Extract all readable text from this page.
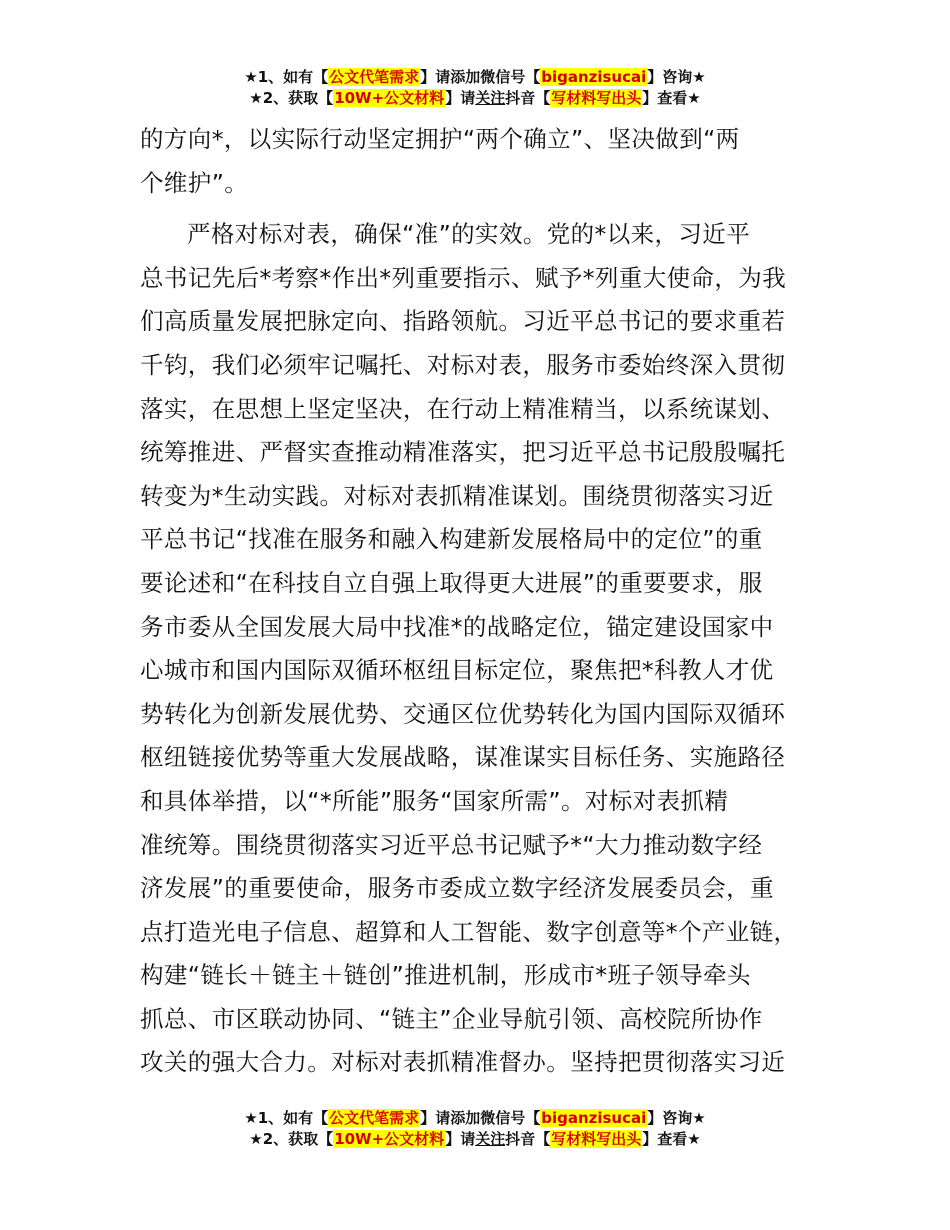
★1、如有【公文代笔需求】请添加微信号【biganzisucai】咨询★
★2、获取【10W+公文材料】请关注抖音【写材料写出头】查看★

的方向*，以实际行动坚定拥护“两个确立”、坚决做到“两
个维护”。

严格对标对表，确保“准”的实效。党的*以来，习近平
总书记先后*考察*作出*列重要指示、赋予*列重大使命，为我
们高质量发展把脉定向、指路领航。习近平总书记的要求重若
千钧，我们必须牢记嘱托、对标对表，服务市委始终深入贯彻
落实，在思想上坚定坚决，在行动上精准精当，以系统谋划、
统筹推进、严督实查推动精准落实，把习近平总书记殷殷嘱托
转变为*生动实践。对标对表抓精准谋划。围绕贯彻落实习近
平总书记“找准在服务和融入构建新发展格局中的定位”的重
要论述和“在科技自立自强上取得更大进展”的重要要求，服
务市委从全国发展大局中找准*的战略定位，锚定建设国家中
心城市和国内国际双循环枢纽目标定位，聚焦把*科教人才优
势转化为创新发展优势、交通区位优势转化为国内国际双循环
枢纽链接优势等重大发展战略，谋准谋实目标任务、实施路径
和具体举措，以“*所能”服务“国家所需”。对标对表抓精
准统筹。围绕贯彻落实习近平总书记赋予*“大力推动数字经
济发展”的重要使命，服务市委成立数字经济发展委员会，重
点打造光电子信息、超算和人工智能、数字创意等*个产业链，
构建“链长＋链主＋链创”推进机制，形成市*班子领导牵头
抓总、市区联动协同、“链主”企业导航引领、高校院所协作
攻关的强大合力。对标对表抓精准督办。坚持把贯彻落实习近

★1、如有【公文代笔需求】请添加微信号【biganzisucai】咨询★
★2、获取【10W+公文材料】请关注抖音【写材料写出头】查看★
